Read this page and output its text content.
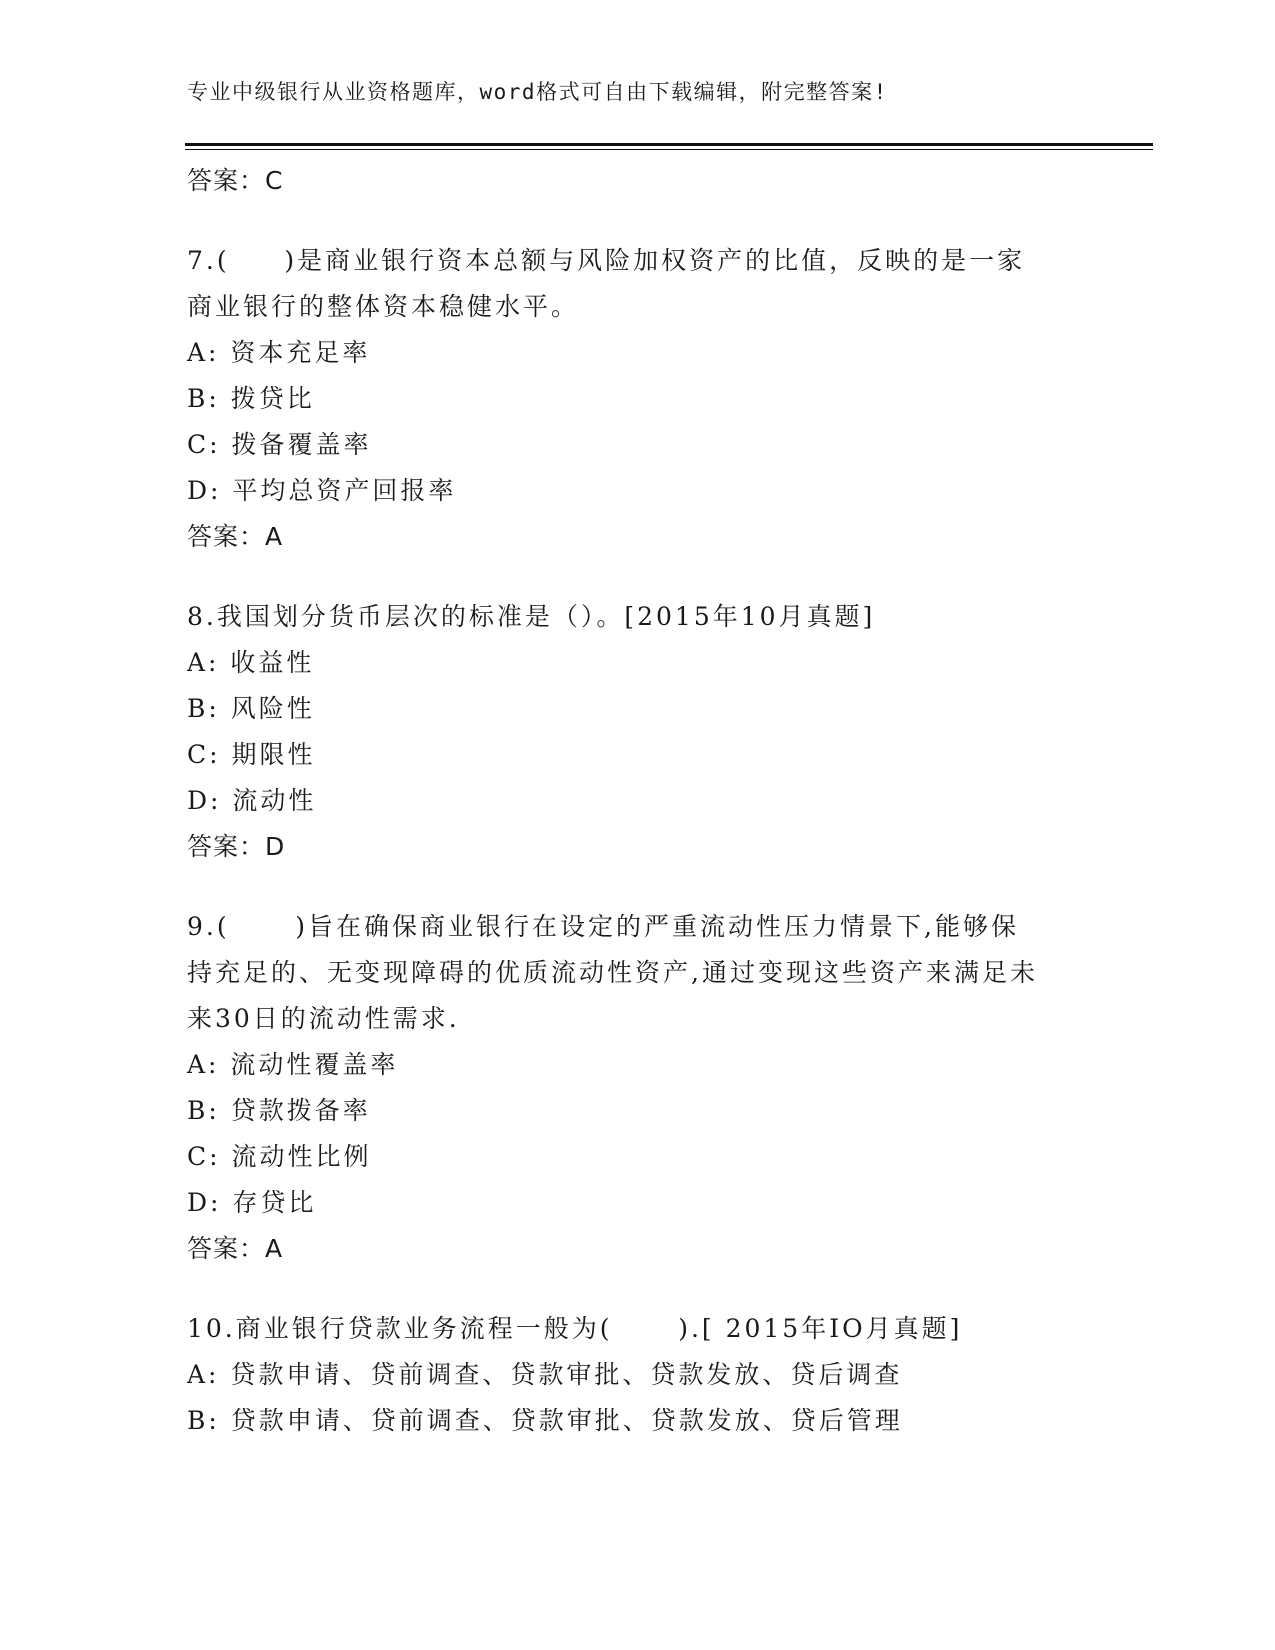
专业中级银行从业资格题库，word格式可自由下载编辑，附完整答案!
答案：C

7.(     )是商业银行资本总额与风险加权资产的比值，反映的是一家
商业银行的整体资本稳健水平。

A: 资本充足率
B: 拨贷比
C: 拨备覆盖率
D: 平均总资产回报率
答案：A

8.我国划分货币层次的标准是（）。[2015年10月真题]

A: 收益性
B: 风险性
C: 期限性
D: 流动性
答案：D

9.(      )旨在确保商业银行在设定的严重流动性压力情景下,能够保
持充足的、无变现障碍的优质流动性资产,通过变现这些资产来满足未
来30日的流动性需求.

A: 流动性覆盖率
B: 贷款拨备率
C: 流动性比例
D: 存贷比
答案：A

10.商业银行贷款业务流程一般为(      ).[ 2015年IO月真题]

A: 贷款申请、贷前调查、贷款审批、贷款发放、贷后调查
B: 贷款申请、贷前调查、贷款审批、贷款发放、贷后管理
